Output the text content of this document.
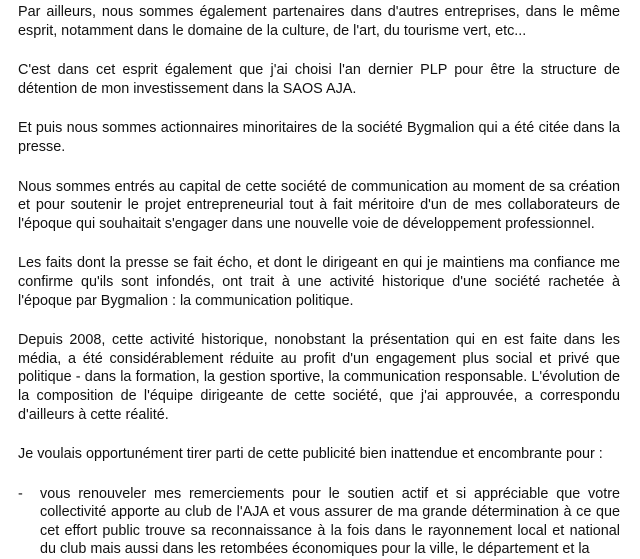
Par ailleurs, nous sommes également partenaires dans d'autres entreprises, dans le même esprit, notamment dans le domaine de la culture, de l'art, du tourisme vert, etc...

C'est dans cet esprit également que j'ai choisi l'an dernier PLP pour être la structure de détention de mon investissement dans la SAOS AJA.

Et puis nous sommes actionnaires minoritaires de la société Bygmalion qui a été citée dans la presse.

Nous sommes entrés au capital de cette société de communication au moment de sa création et pour soutenir le projet entrepreneurial tout à fait méritoire d'un de mes collaborateurs de l'époque qui souhaitait s'engager dans une nouvelle voie de développement professionnel.

Les faits dont la presse se fait écho, et dont le dirigeant en qui je maintiens ma confiance me confirme qu'ils sont infondés, ont trait à une activité historique d'une société rachetée à l'époque par Bygmalion : la communication politique.

Depuis 2008, cette activité historique, nonobstant la présentation qui en est faite dans les média, a été considérablement réduite au profit d'un engagement plus social et privé que politique - dans la formation, la gestion sportive, la communication responsable. L'évolution de la composition de l'équipe dirigeante de cette société, que j'ai approuvée, a correspondu d'ailleurs à cette réalité.

Je voulais opportunément tirer parti de cette publicité bien inattendue et encombrante pour :

- vous renouveler mes remerciements pour le soutien actif et si appréciable que votre collectivité apporte au club de l'AJA et vous assurer de ma grande détermination à ce que cet effort public trouve sa reconnaissance à la fois dans le rayonnement local et national du club mais aussi dans les retombées économiques pour la ville, le département et la
